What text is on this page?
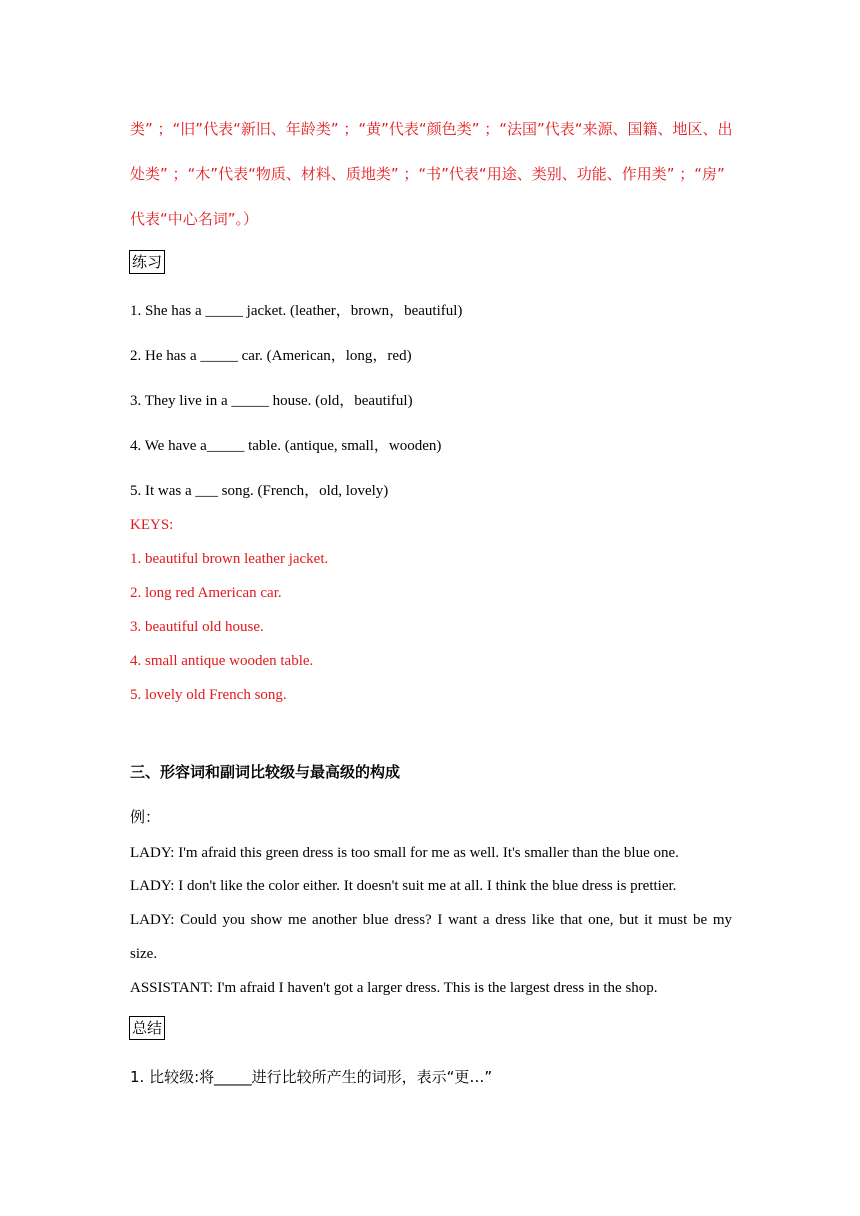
类” ；“旧”代表“新旧、年龄类” ；“黄”代表“颜色类” ；“法国”代表“来源、国籍、地区、出
处类” ；“木”代表“物质、材料、质地类” ；“书”代表“用途、类别、功能、作用类” ；“房”
代表“中心名词”。）
练习
1. She has a _____ jacket. (leather，brown，beautiful)
2. He has a _____ car. (American，long，red)
3. They live in a _____ house. (old，beautiful)
4. We have a_____ table. (antique, small，wooden)
5. It was a ___ song. (French，old, lovely)
KEYS:
1. beautiful brown leather jacket.
2. long red American car.
3. beautiful old house.
4. small antique wooden table.
5. lovely old French song.
三、形容词和副词比较级与最高级的构成
例：
LADY: I'm afraid this green dress is too small for me as well. It's smaller than the blue one.
LADY: I don't like the color either. It doesn't suit me at all. I think the blue dress is prettier.
LADY: Could you show me another blue dress? I want a dress like that one, but it must be my
size.
ASSISTANT: I'm afraid I haven't got a larger dress. This is the largest dress in the shop.
总结
1. 比较级:将_____进行比较所产生的词形，表示“更…”
